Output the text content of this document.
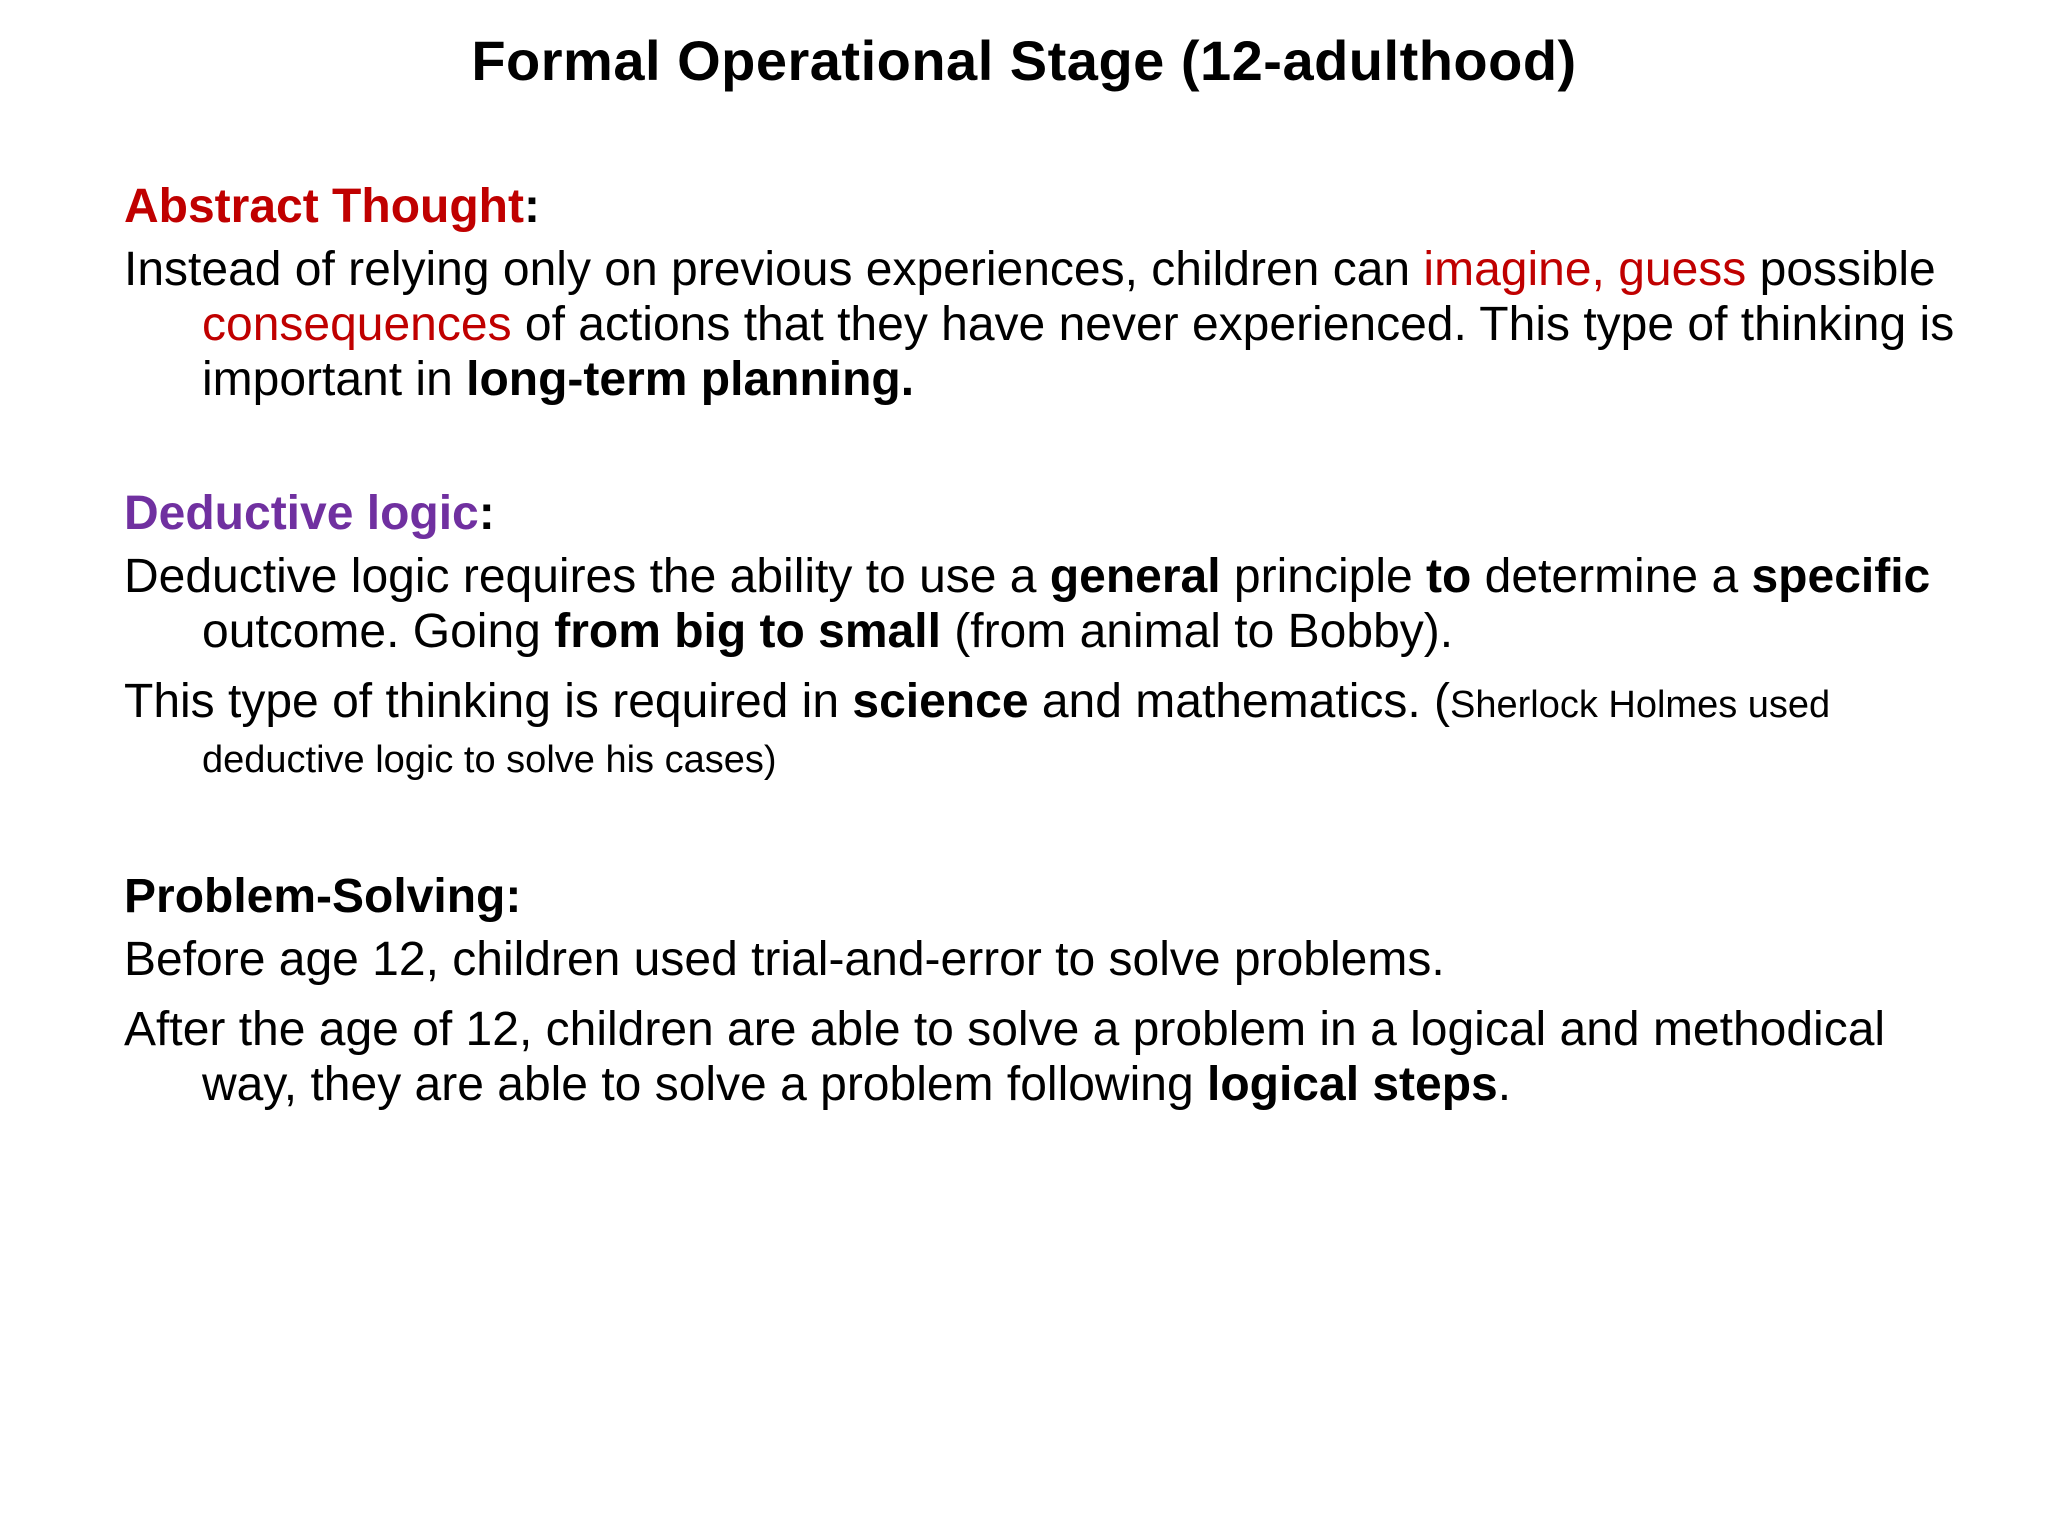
Formal Operational Stage (12-adulthood)
Abstract Thought:

Instead of relying only on previous experiences, children can imagine, guess possible consequences of actions that they have never experienced. This type of thinking is important in long-term planning.

Deductive logic:

Deductive logic requires the ability to use a general principle to determine a specific outcome. Going from big to small (from animal to Bobby).

This type of thinking is required in science and mathematics. (Sherlock Holmes used deductive logic to solve his cases)

Problem-Solving:

Before age 12, children used trial-and-error to solve problems.

After the age of 12, children are able to solve a problem in a logical and methodical way, they are able to solve a problem following logical steps.
